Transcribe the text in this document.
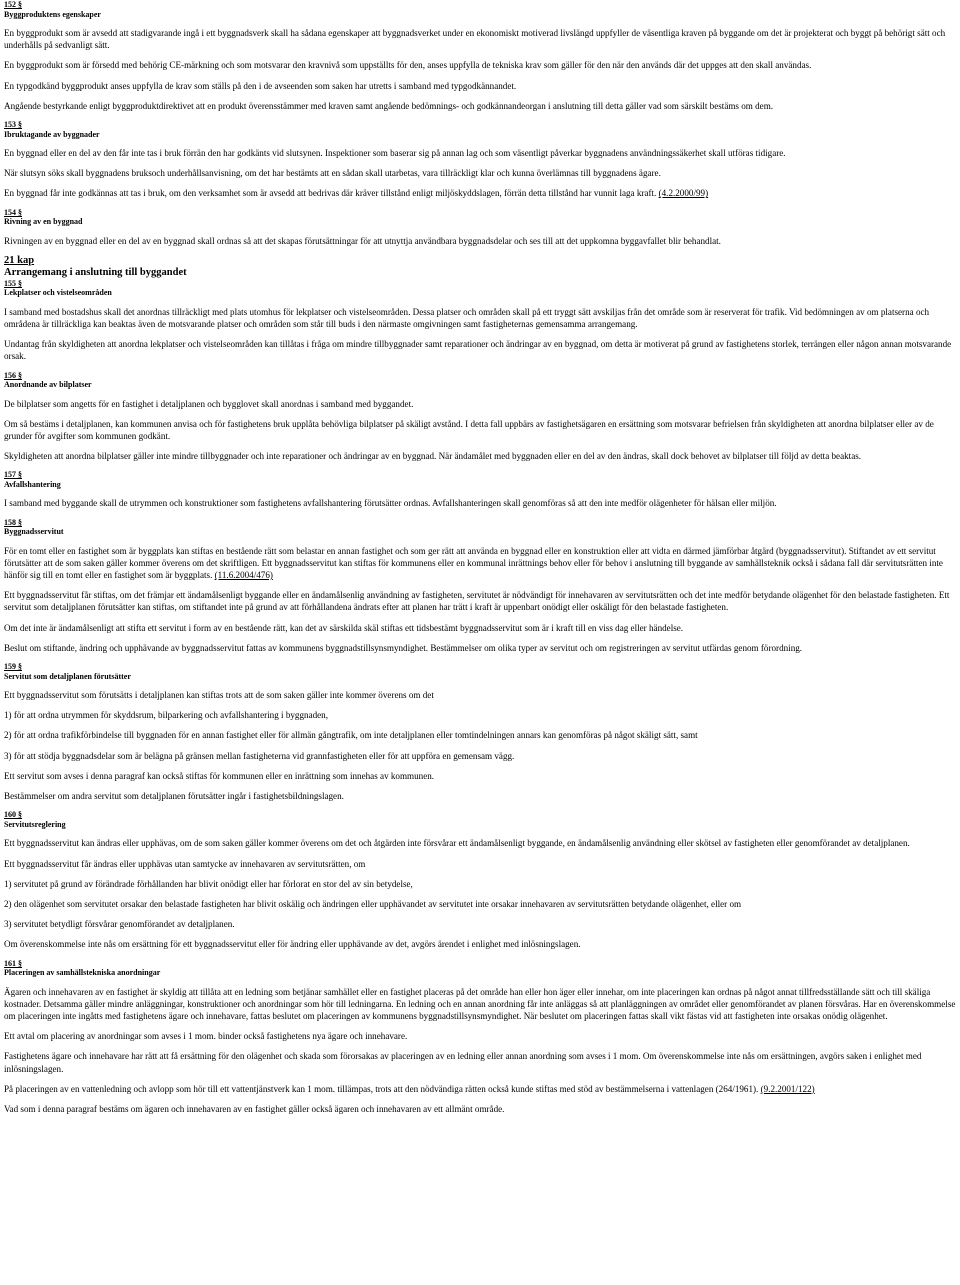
152 §
Byggproduktens egenskaper

En byggprodukt som är avsedd att stadigvarande ingå i ett byggnadsverk skall ha sådana egenskaper att byggnadsverket under en ekonomiskt motiverad livslängd uppfyller de väsentliga kraven på byggande om det är projekterat och byggt på behörigt sätt och underhålls på sedvanligt sätt.

En byggprodukt som är försedd med behörig CE-märkning och som motsvarar den kravnivå som uppställts för den, anses uppfylla de tekniska krav som gäller för den när den används där det uppges att den skall användas.

En typgodkänd byggprodukt anses uppfylla de krav som ställs på den i de avseenden som saken har utretts i samband med typgodkännandet.

Angående bestyrkande enligt byggproduktdirektivet att en produkt överensstämmer med kraven samt angående bedömnings- och godkännandeorgan i anslutning till detta gäller vad som särskilt bestäms om dem.

153 §
Ibruktagande av byggnader

En byggnad eller en del av den får inte tas i bruk förrän den har godkänts vid slutsynen. Inspektioner som baserar sig på annan lag och som väsentligt påverkar byggnadens användningssäkerhet skall utföras tidigare.

När slutsyn söks skall byggnadens bruksoch underhållsanvisning, om det har bestämts att en sådan skall utarbetas, vara tillräckligt klar och kunna överlämnas till byggnadens ägare.

En byggnad får inte godkännas att tas i bruk, om den verksamhet som är avsedd att bedrivas där kräver tillstånd enligt miljöskyddslagen, förrän detta tillstånd har vunnit laga kraft. (4.2.2000/99)

154 §
Rivning av en byggnad

Rivningen av en byggnad eller en del av en byggnad skall ordnas så att det skapas förutsättningar för att utnyttja användbara byggnadsdelar och ses till att det uppkomna byggavfallet blir behandlat.

21 kap
Arrangemang i anslutning till byggandet
155 §
Lekplatser och vistelseområden

I samband med bostadshus skall det anordnas tillräckligt med plats utomhus för lekplatser och vistelseområden. Dessa platser och områden skall på ett tryggt sätt avskiljas från det område som är reserverat för trafik. Vid bedömningen av om platserna och områdena är tillräckliga kan beaktas även de motsvarande platser och områden som står till buds i den närmaste omgivningen samt fastigheternas gemensamma arrangemang.

Undantag från skyldigheten att anordna lekplatser och vistelseområden kan tillåtas i fråga om mindre tillbyggnader samt reparationer och ändringar av en byggnad, om detta är motiverat på grund av fastighetens storlek, terrängen eller någon annan motsvarande orsak.

156 §
Anordnande av bilplatser

De bilplatser som angetts för en fastighet i detaljplanen och bygglovet skall anordnas i samband med byggandet.

Om så bestäms i detaljplanen, kan kommunen anvisa och för fastighetens bruk upplåta behövliga bilplatser på skäligt avstånd. I detta fall uppbärs av fastighetsägaren en ersättning som motsvarar befrielsen från skyldigheten att anordna bilplatser eller av de grunder för avgifter som kommunen godkänt.

Skyldigheten att anordna bilplatser gäller inte mindre tillbyggnader och inte reparationer och ändringar av en byggnad. När ändamålet med byggnaden eller en del av den ändras, skall dock behovet av bilplatser till följd av detta beaktas.

157 §
Avfallshantering

I samband med byggande skall de utrymmen och konstruktioner som fastighetens avfallshantering förutsätter ordnas. Avfallshanteringen skall genomföras så att den inte medför olägenheter för hälsan eller miljön.

158 §
Byggnadsservitut

För en tomt eller en fastighet som är byggplats kan stiftas en bestående rätt som belastar en annan fastighet och som ger rätt att använda en byggnad eller en konstruktion eller att vidta en därmed jämförbar åtgärd (byggnadsservitut). Stiftandet av ett servitut förutsätter att de som saken gäller kommer överens om det skriftligen. Ett byggnadsservitut kan stiftas för kommunens eller en kommunal inrättnings behov eller för behov i anslutning till byggande av samhällsteknik också i sådana fall där servitutsrätten inte hänför sig till en tomt eller en fastighet som är byggplats. (11.6.2004/476)

Ett byggnadsservitut får stiftas, om det främjar ett ändamålsenligt byggande eller en ändamålsenlig användning av fastigheten, servitutet är nödvändigt för innehavaren av servitutsrätten och det inte medför betydande olägenhet för den belastade fastigheten. Ett servitut som detaljplanen förutsätter kan stiftas, om stiftandet inte på grund av att förhållandena ändrats efter att planen har trätt i kraft är uppenbart onödigt eller oskäligt för den belastade fastigheten.

Om det inte är ändamålsenligt att stifta ett servitut i form av en bestående rätt, kan det av särskilda skäl stiftas ett tidsbestämt byggnadsservitut som är i kraft till en viss dag eller händelse.

Beslut om stiftande, ändring och upphävande av byggnadsservitut fattas av kommunens byggnadstillsynsmyndighet. Bestämmelser om olika typer av servitut och om registreringen av servitut utfärdas genom förordning.

159 §
Servitut som detaljplanen förutsätter

Ett byggnadsservitut som förutsätts i detaljplanen kan stiftas trots att de som saken gäller inte kommer överens om det

1) för att ordna utrymmen för skyddsrum, bilparkering och avfallshantering i byggnaden,

2) för att ordna trafikförbindelse till byggnaden för en annan fastighet eller för allmän gångtrafik, om inte detaljplanen eller tomtindelningen annars kan genomföras på något skäligt sätt, samt

3) för att stödja byggnadsdelar som är belägna på gränsen mellan fastigheterna vid grannfastigheten eller för att uppföra en gemensam vägg.

Ett servitut som avses i denna paragraf kan också stiftas för kommunen eller en inrättning som innehas av kommunen.

Bestämmelser om andra servitut som detaljplanen förutsätter ingår i fastighetsbildningslagen.

160 §
Servitutsreglering

Ett byggnadsservitut kan ändras eller upphävas, om de som saken gäller kommer överens om det och åtgärden inte försvårar ett ändamålsenligt byggande, en ändamålsenlig användning eller skötsel av fastigheten eller genomförandet av detaljplanen.

Ett byggnadsservitut får ändras eller upphävas utan samtycke av innehavaren av servitutsrätten, om

1) servitutet på grund av förändrade förhållanden har blivit onödigt eller har förlorat en stor del av sin betydelse,

2) den olägenhet som servitutet orsakar den belastade fastigheten har blivit oskälig och ändringen eller upphävandet av servitutet inte orsakar innehavaren av servitutsrätten betydande olägenhet, eller om

3) servitutet betydligt försvårar genomförandet av detaljplanen.

Om överenskommelse inte nås om ersättning för ett byggnadsservitut eller för ändring eller upphävande av det, avgörs ärendet i enlighet med inlösningslagen.

161 §
Placeringen av samhällstekniska anordningar

Ägaren och innehavaren av en fastighet är skyldig att tillåta att en ledning som betjänar samhället eller en fastighet placeras på det område han eller hon äger eller innehar, om inte placeringen kan ordnas på något annat tillfredsställande sätt och till skäliga kostnader. Detsamma gäller mindre anläggningar, konstruktioner och anordningar som hör till ledningarna. En ledning och en annan anordning får inte anläggas så att planläggningen av området eller genomförandet av planen försvåras. Har en överenskommelse om placeringen inte ingåtts med fastighetens ägare och innehavare, fattas beslutet om placeringen av kommunens byggnadstillsynsmyndighet. När beslutet om placeringen fattas skall vikt fästas vid att fastigheten inte orsakas onödig olägenhet.

Ett avtal om placering av anordningar som avses i 1 mom. binder också fastighetens nya ägare och innehavare.

Fastighetens ägare och innehavare har rätt att få ersättning för den olägenhet och skada som förorsakas av placeringen av en ledning eller annan anordning som avses i 1 mom. Om överenskommelse inte nås om ersättningen, avgörs saken i enlighet med inlösningslagen.

På placeringen av en vattenledning och avlopp som hör till ett vattentjänstverk kan 1 mom. tillämpas, trots att den nödvändiga rätten också kunde stiftas med stöd av bestämmelserna i vattenlagen (264/1961). (9.2.2001/122)

Vad som i denna paragraf bestäms om ägaren och innehavaren av en fastighet gäller också ägaren och innehavaren av ett allmänt område.
